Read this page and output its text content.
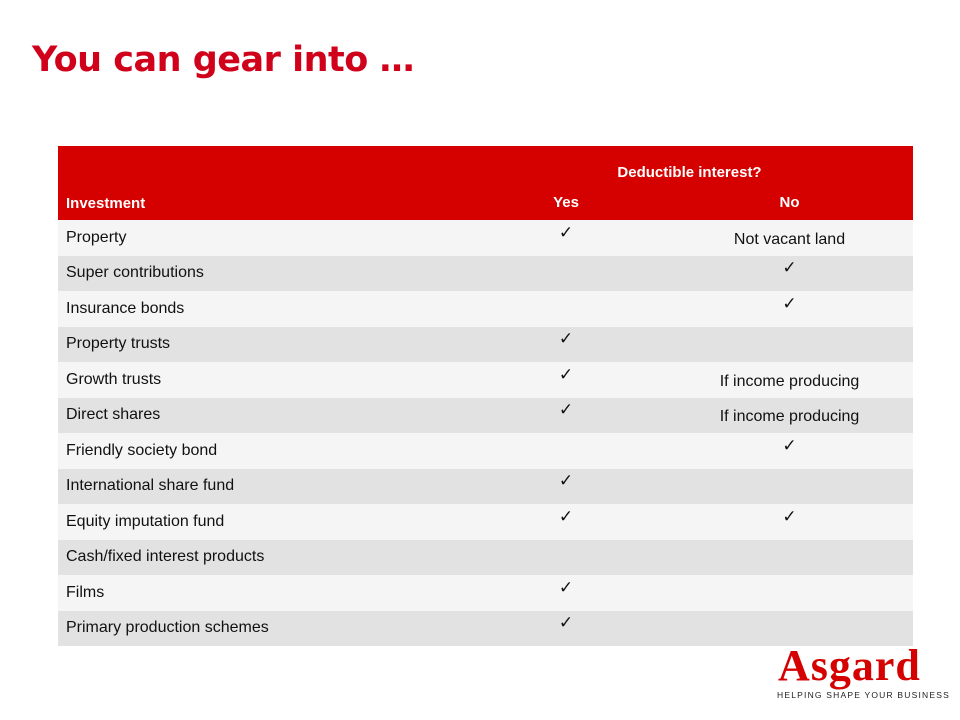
You can gear into …
Investment	Deductible interest?	
	Yes	No
Property	✓	Not vacant land
Super contributions		✓
Insurance bonds		✓
Property trusts	✓	
Growth trusts	✓	If income producing
Direct shares	✓	If income producing
Friendly society bond		✓
International share fund	✓	
Equity imputation fund	✓	✓
Cash/fixed interest products		
Films	✓	
Primary production schemes	✓	
Asgard
HELPING SHAPE YOUR BUSINESS
